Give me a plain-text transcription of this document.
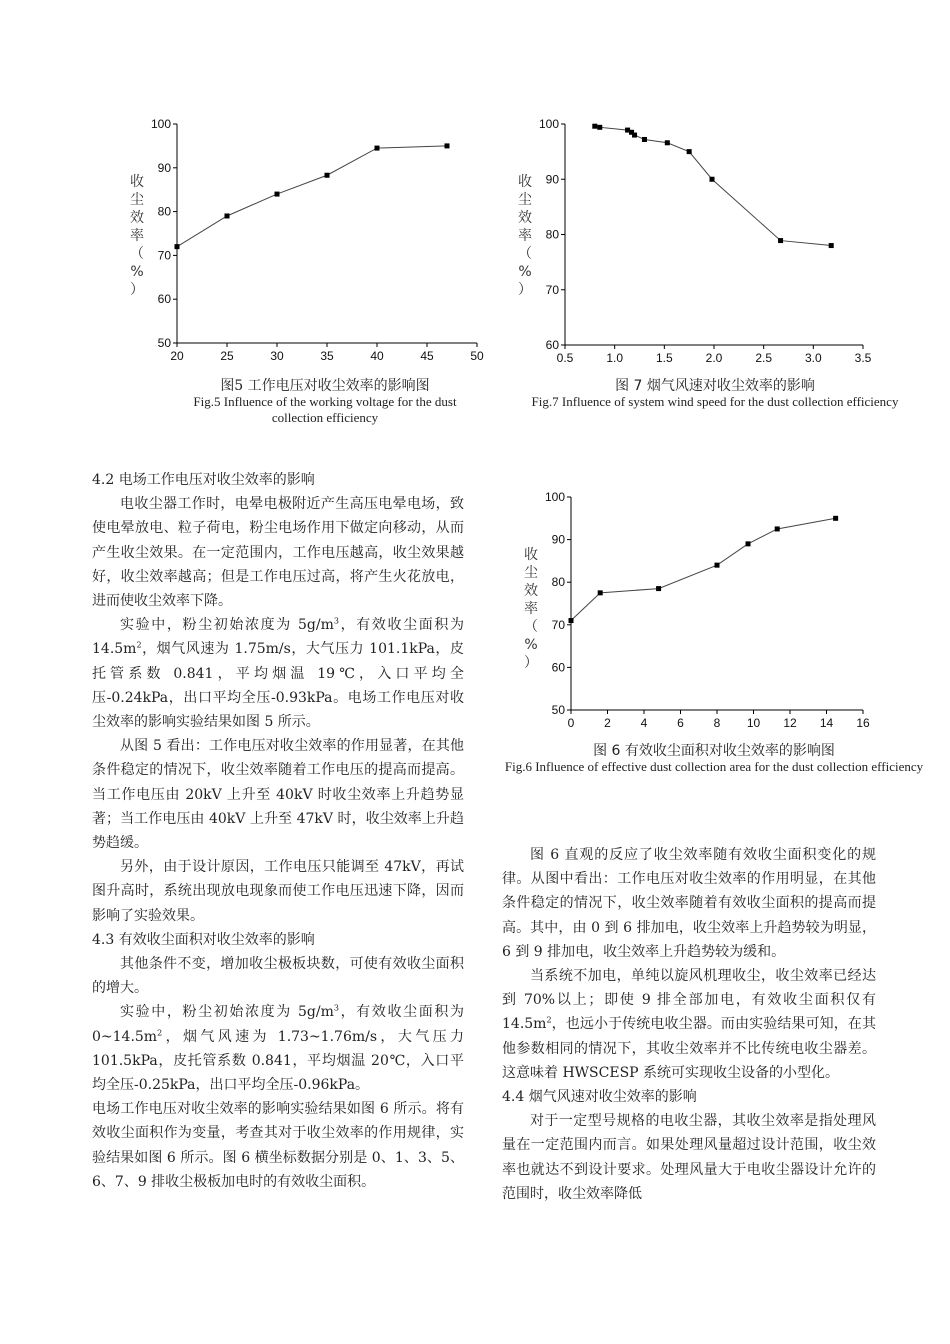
50
60
70
80
90
100
20	25	30	35	40	45	50
收
尘
效
率
（
%
）
图5 工作电压对收尘效率的影响图
Fig.5 Influence of the working voltage for the dust collection efficiency
60
70
80
90
100
0.5	1.0	1.5	2.0	2.5	3.0	3.5
收
尘
效
率
（
%
）
图 7 烟气风速对收尘效率的影响
Fig.7 Influence of system wind speed for the dust collection efficiency
50
60
70
80
90
100
0 2 4 6 8 10 12 14 16
收
尘
效
率
（
%
）
图 6 有效收尘面积对收尘效率的影响图
Fig.6 Influence of effective dust collection area for the dust collection efficiency

4.2 电场工作电压对收尘效率的影响

电收尘器工作时，电晕电极附近产生高压电晕电场，致使电晕放电、粒子荷电，粉尘电场作用下做定向移动，从而产生收尘效果。在一定范围内，工作电压越高，收尘效果越好，收尘效率越高；但是工作电压过高，将产生火花放电，进而使收尘效率下降。

实验中，粉尘初始浓度为 $5g/m^3$，有效收尘面积为 $14.5m^2$，烟气风速为 1.75m/s，大气压力 101.1kPa，皮托管系数 0.841，平均烟温 19℃，入口平均全压-0.24kPa，出口平均全压-0.93kPa。电场工作电压对收尘效率的影响实验结果如图 5 所示。

从图 5 看出：工作电压对收尘效率的作用显著，在其他条件稳定的情况下，收尘效率随着工作电压的提高而提高。当工作电压由 20kV 上升至 40kV 时收尘效率上升趋势显著；当工作电压由 40kV 上升至 47kV 时，收尘效率上升趋势趋缓。

另外，由于设计原因，工作电压只能调至 47kV，再试图升高时，系统出现放电现象而使工作电压迅速下降，因而影响了实验效果。

4.3 有效收尘面积对收尘效率的影响

其他条件不变，增加收尘极板块数，可使有效收尘面积的增大。

实验中，粉尘初始浓度为 $5g/m^3$，有效收尘面积为 $0\sim 14.5m^2$，烟气风速为 1.73~1.76m/s，大气压力 101.5kPa，皮托管系数 0.841，平均烟温 20℃，入口平均全压-0.25kPa，出口平均全压-0.96kPa。

电场工作电压对收尘效率的影响实验结果如图 6 所示。将有效收尘面积作为变量，考查其对于收尘效率的作用规律，实验结果如图 6 所示。图 6 横坐标数据分别是 0、1、3、5、6、7、9 排收尘极板加电时的有效收尘面积。

图 6 直观的反应了收尘效率随有效收尘面积变化的规律。从图中看出：工作电压对收尘效率的作用明显，在其他条件稳定的情况下，收尘效率随着有效收尘面积的提高而提高。其中，由 0 到 6 排加电，收尘效率上升趋势较为明显，6 到 9 排加电，收尘效率上升趋势较为缓和。

当系统不加电，单纯以旋风机理收尘，收尘效率已经达到 70%以上；即使 9 排全部加电，有效收尘面积仅有 $14.5m^2$，也远小于传统电收尘器。而由实验结果可知，在其他参数相同的情况下，其收尘效率并不比传统电收尘器差。这意味着 HWSCESP 系统可实现收尘设备的小型化。

4.4 烟气风速对收尘效率的影响

对于一定型号规格的电收尘器，其收尘效率是指处理风量在一定范围内而言。如果处理风量超过设计范围，收尘效率也就达不到设计要求。处理风量大于电收尘器设计允许的范围时，收尘效率降低
